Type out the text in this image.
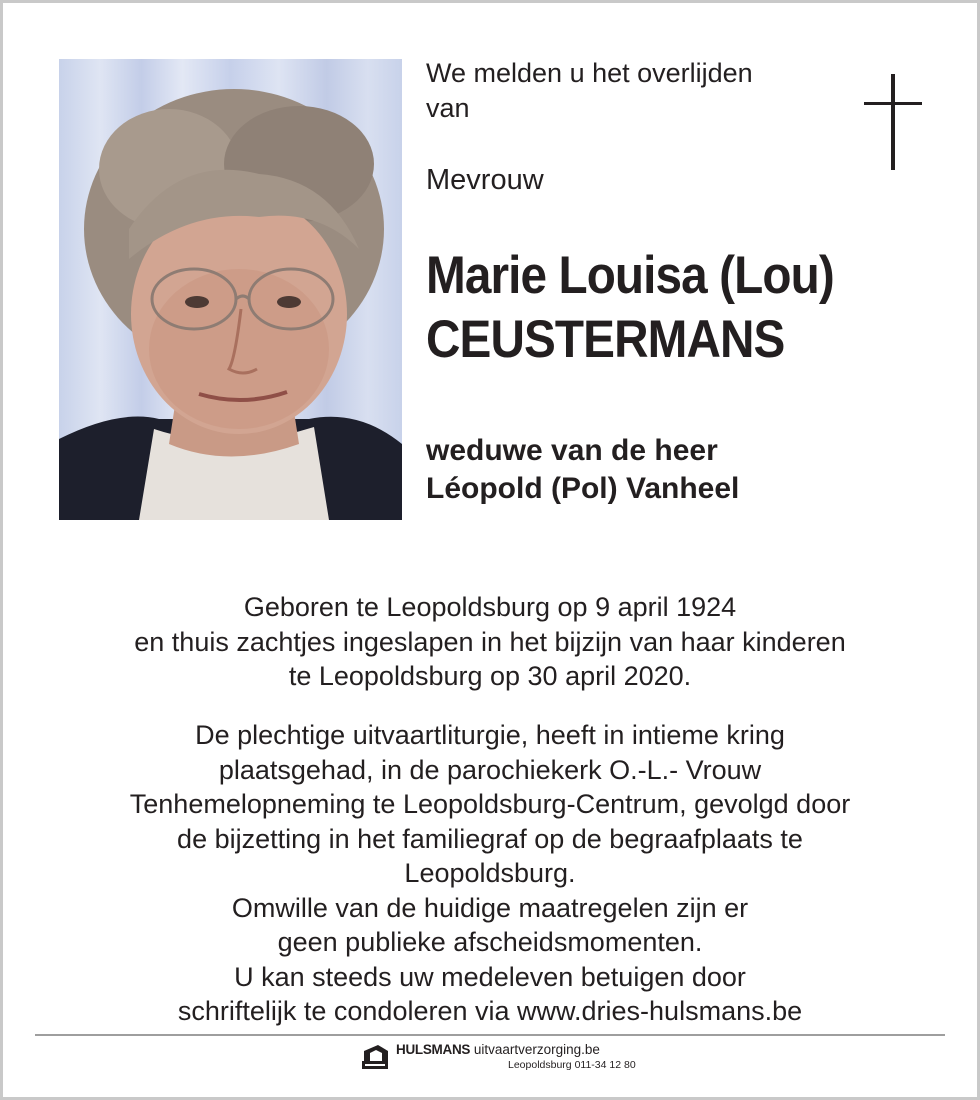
We melden u het overlijden
van
Mevrouw
Marie Louisa (Lou)
CEUSTERMANS
weduwe van de heer
Léopold (Pol) Vanheel
Geboren te Leopoldsburg op 9 april 1924
en thuis zachtjes ingeslapen in het bijzijn van haar kinderen
te Leopoldsburg op 30 april 2020.
De plechtige uitvaartliturgie, heeft in intieme kring
plaatsgehad, in de parochiekerk O.-L.- Vrouw
Tenhemelopneming te Leopoldsburg-Centrum, gevolgd door
de bijzetting in het familiegraf op de begraafplaats te
Leopoldsburg.
Omwille van de huidige maatregelen zijn er
geen publieke afscheidsmomenten.
U kan steeds uw medeleven betuigen door
schriftelijk te condoleren via www.dries-hulsmans.be
HULSMANS uitvaartverzorging.be
Leopoldsburg 011-34 12 80
